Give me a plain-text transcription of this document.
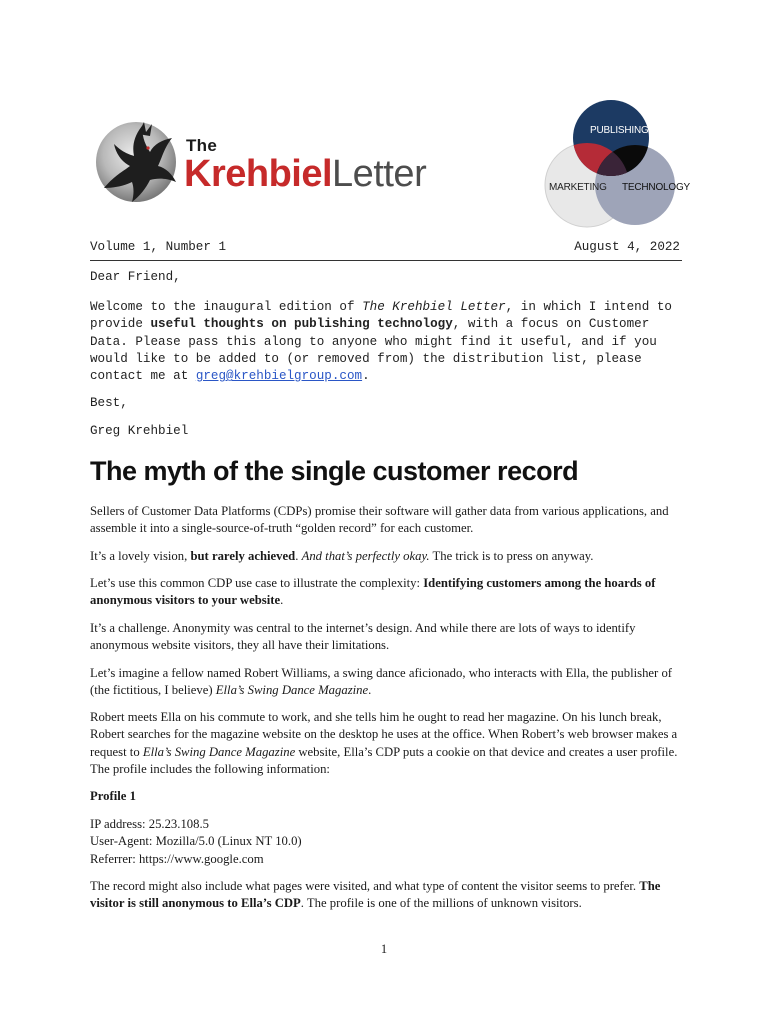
The
KrehbielLetter
PUBLISHING
MARKETING TECHNOLOGY
Volume 1, Number 1	August 4, 2022
Dear Friend,
Welcome to the inaugural edition of The Krehbiel Letter, in which I intend to provide useful thoughts on publishing technology, with a focus on Customer Data. Please pass this along to anyone who might find it useful, and if you would like to be added to (or removed from) the distribution list, please contact me at greg@krehbielgroup.com.
Best,
Greg Krehbiel
The myth of the single customer record

Sellers of Customer Data Platforms (CDPs) promise their software will gather data from various applications, and assemble it into a single-source-of-truth “golden record” for each customer.

It’s a lovely vision, but rarely achieved. And that’s perfectly okay. The trick is to press on anyway.

Let’s use this common CDP use case to illustrate the complexity: Identifying customers among the hoards of anonymous visitors to your website.

It’s a challenge. Anonymity was central to the internet’s design. And while there are lots of ways to identify anonymous website visitors, they all have their limitations.

Let’s imagine a fellow named Robert Williams, a swing dance aficionado, who interacts with Ella, the publisher of (the fictitious, I believe) Ella’s Swing Dance Magazine.

Robert meets Ella on his commute to work, and she tells him he ought to read her magazine. On his lunch break, Robert searches for the magazine website on the desktop he uses at the office. When Robert’s web browser makes a request to Ella’s Swing Dance Magazine website, Ella’s CDP puts a cookie on that device and creates a user profile. The profile includes the following information:

Profile 1

IP address: 25.23.108.5
User-Agent: Mozilla/5.0 (Linux NT 10.0)
Referrer: https://www.google.com

The record might also include what pages were visited, and what type of content the visitor seems to prefer. The visitor is still anonymous to Ella’s CDP. The profile is one of the millions of unknown visitors.

1
